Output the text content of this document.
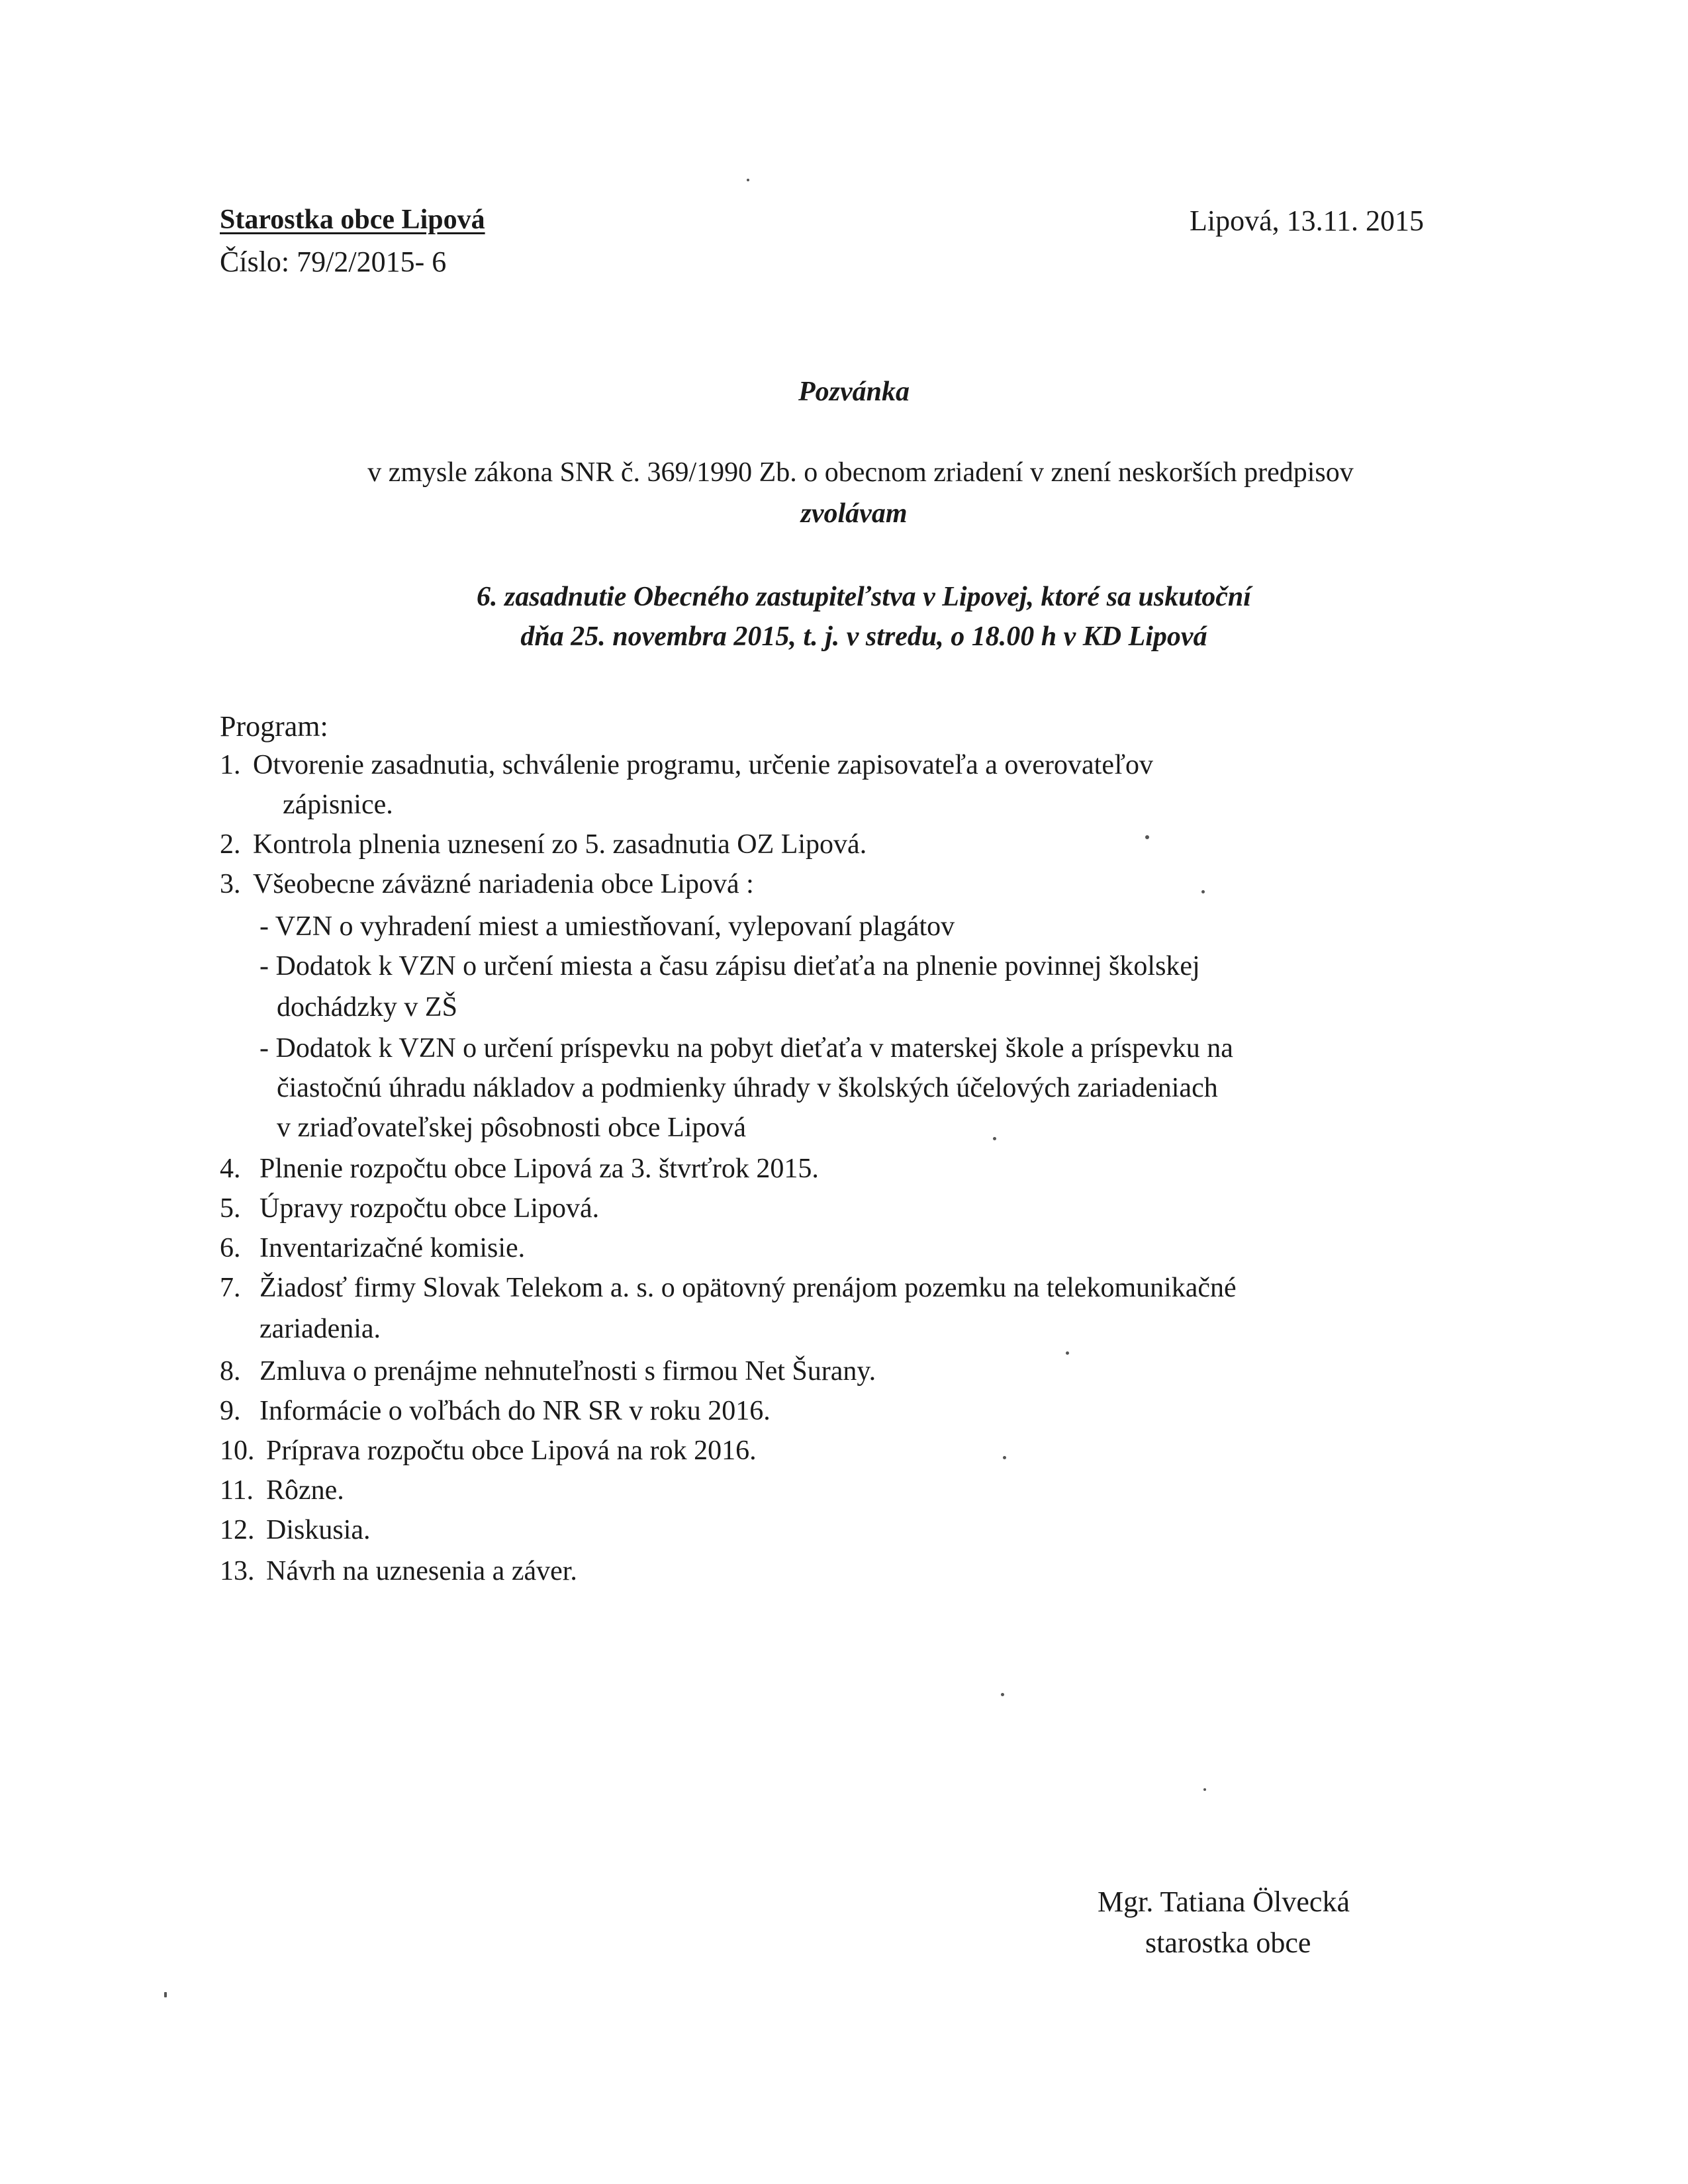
Starostka obce Lipová
Číslo: 79/2/2015- 6
Lipová, 13.11. 2015
Pozvánka
v zmysle zákona SNR č. 369/1990 Zb. o obecnom zriadení v znení neskorších predpisov
zvolávam
6. zasadnutie Obecného zastupiteľstva v Lipovej, ktoré sa uskutoční
dňa 25. novembra 2015, t. j. v stredu, o 18.00 h v KD Lipová
Program:
1. Otvorenie zasadnutia, schválenie programu, určenie zapisovateľa a overovateľov
zápisnice.
2. Kontrola plnenia uznesení zo 5. zasadnutia OZ Lipová.
3. Všeobecne záväzné nariadenia obce Lipová :
- VZN o vyhradení miest a umiestňovaní, vylepovaní plagátov
- Dodatok k VZN o určení miesta a času zápisu dieťaťa na plnenie povinnej školskej
dochádzky v ZŠ
- Dodatok k VZN o určení príspevku na pobyt dieťaťa v materskej škole a príspevku na
čiastočnú úhradu nákladov a podmienky úhrady v školských účelových zariadeniach
v zriaďovateľskej pôsobnosti obce Lipová
4. Plnenie rozpočtu obce Lipová za 3. štvrťrok 2015.
5. Úpravy rozpočtu obce Lipová.
6. Inventarizačné komisie.
7. Žiadosť firmy Slovak Telekom a. s. o opätovný prenájom pozemku na telekomunikačné
zariadenia.
8. Zmluva o prenájme nehnuteľnosti s firmou Net Šurany.
9. Informácie o voľbách do NR SR v roku 2016.
10. Príprava rozpočtu obce Lipová na rok 2016.
11. Rôzne.
12. Diskusia.
13. Návrh na uznesenia a záver.
Mgr. Tatiana Ölvecká
starostka obce
